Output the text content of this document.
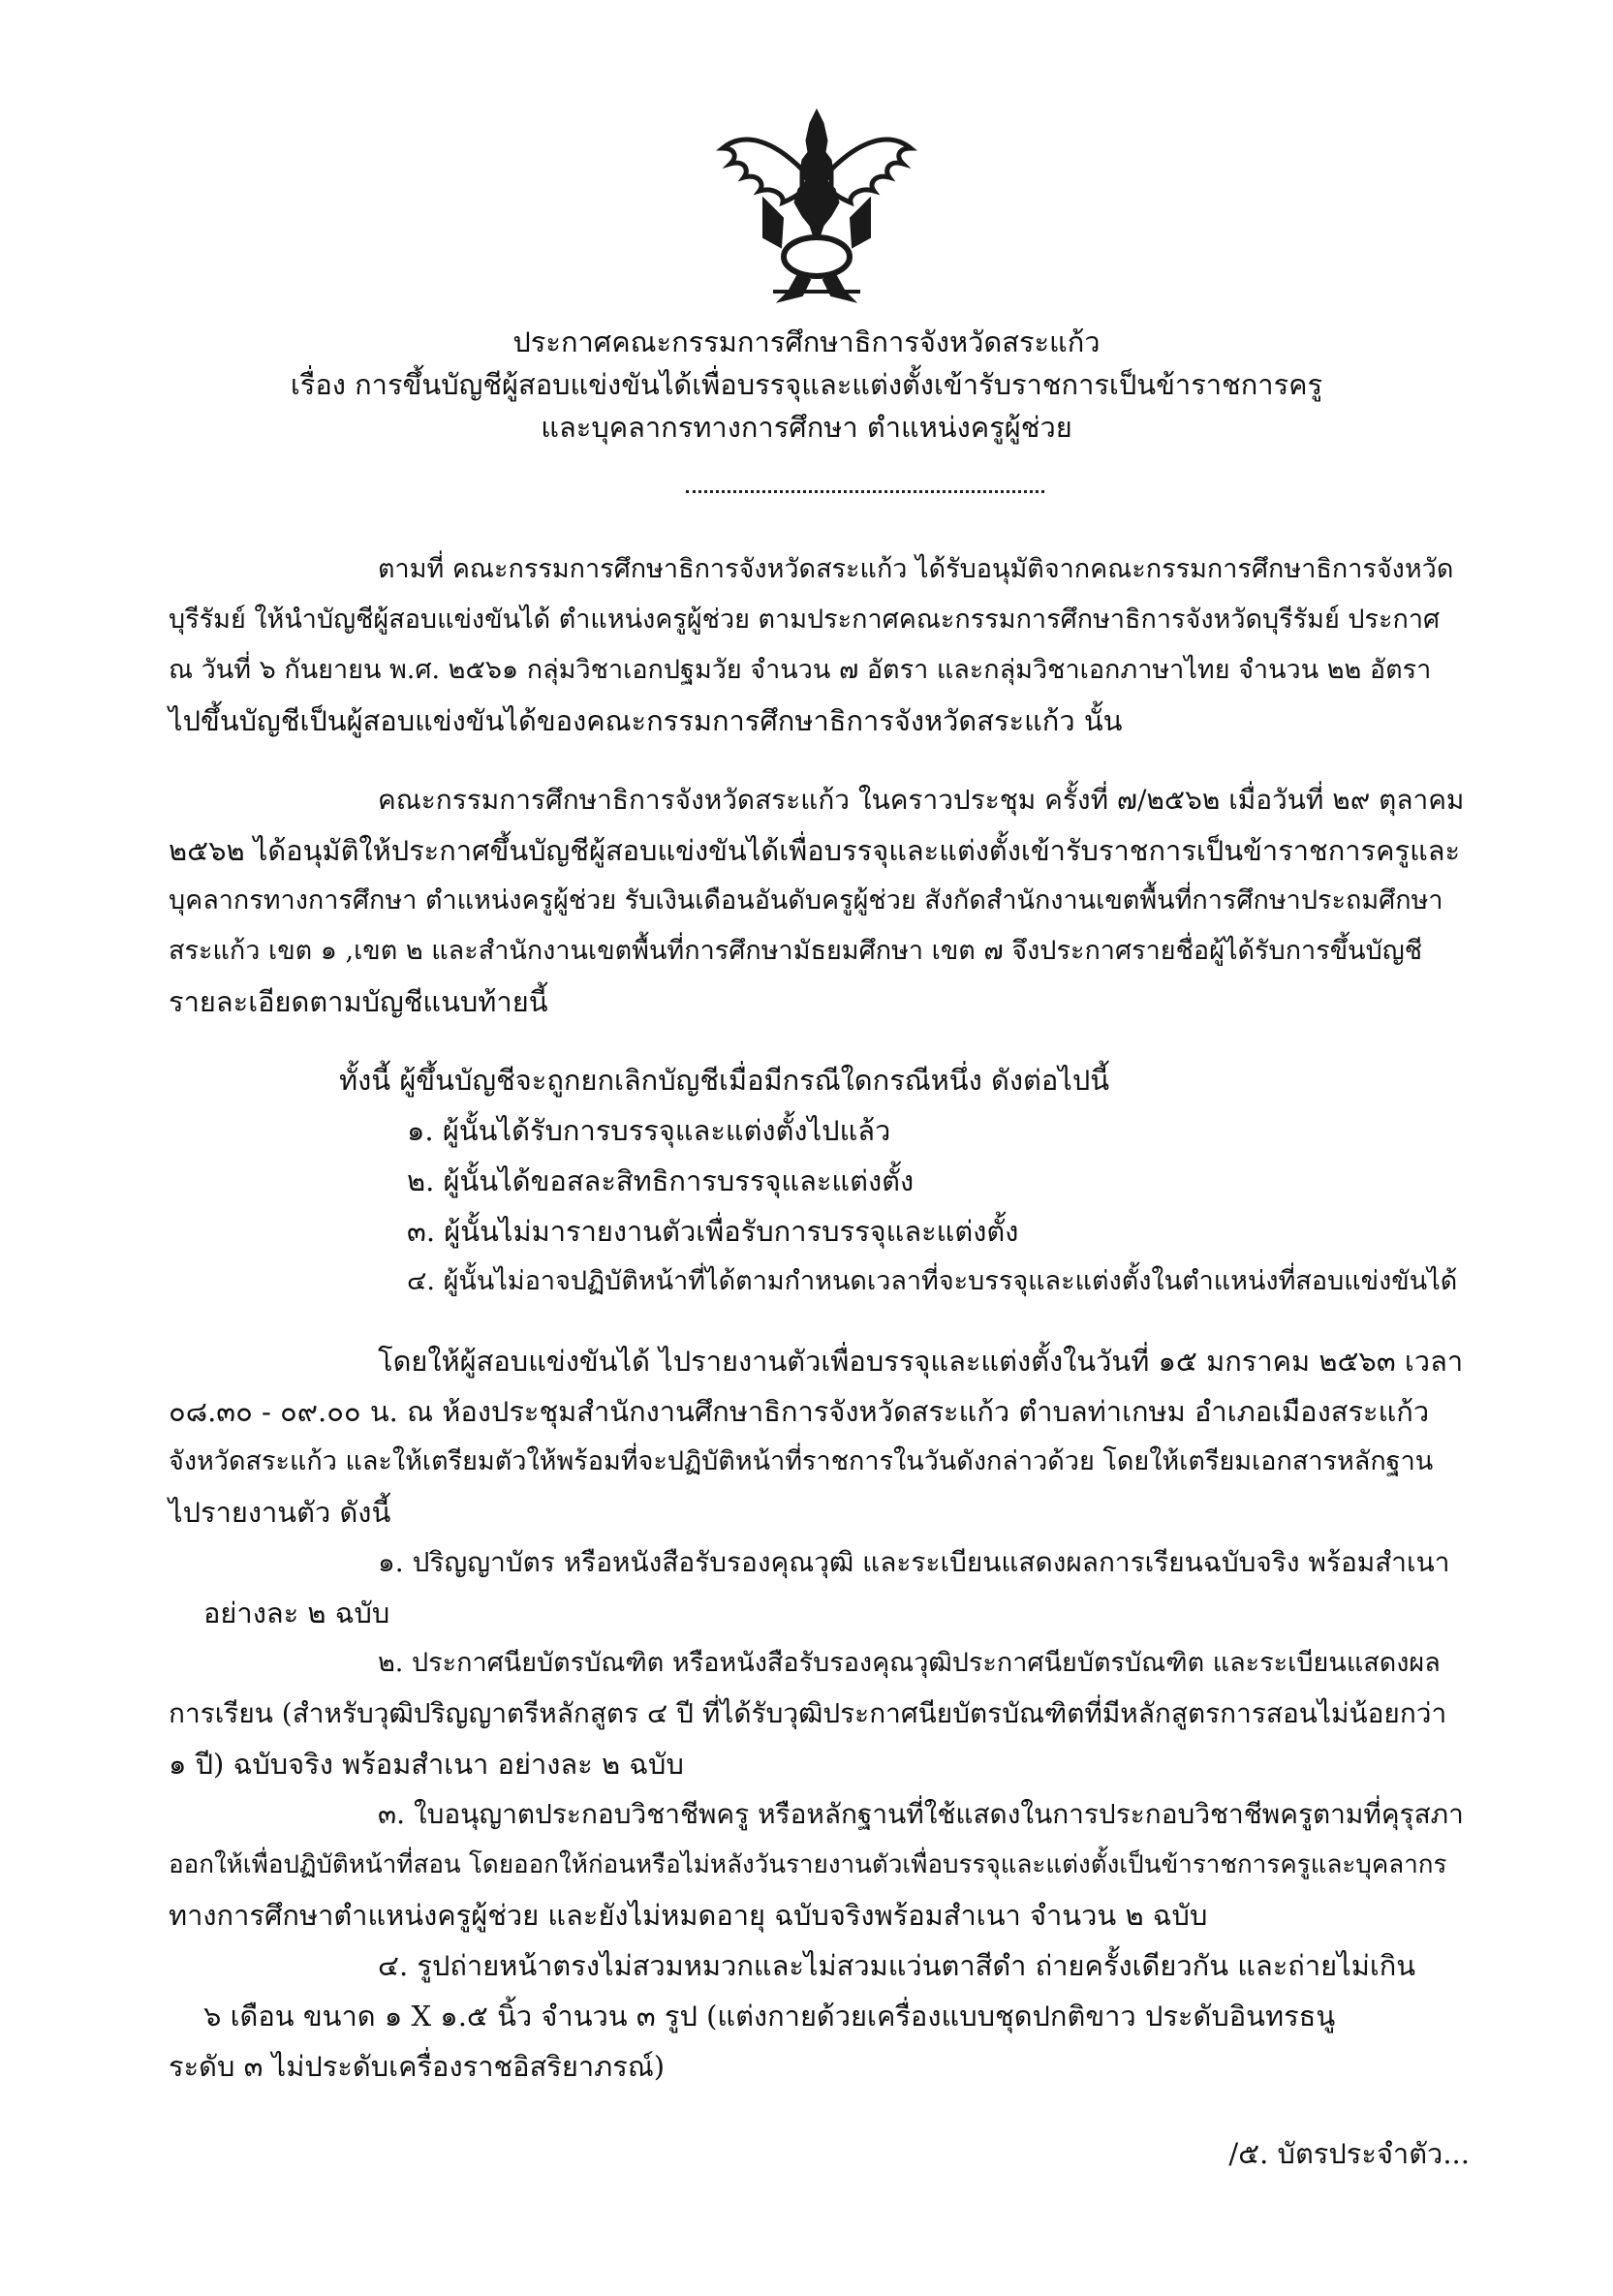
ประกาศคณะกรรมการศึกษาธิการจังหวัดสระแก้ว
เรื่อง การขึ้นบัญชีผู้สอบแข่งขันได้เพื่อบรรจุและแต่งตั้งเข้ารับราชการเป็นข้าราชการครู
และบุคลากรทางการศึกษา ตำแหน่งครูผู้ช่วย
ตามที่ คณะกรรมการศึกษาธิการจังหวัดสระแก้ว ได้รับอนุมัติจากคณะกรรมการศึกษาธิการจังหวัด
บุรีรัมย์ ให้นำบัญชีผู้สอบแข่งขันได้ ตำแหน่งครูผู้ช่วย ตามประกาศคณะกรรมการศึกษาธิการจังหวัดบุรีรัมย์ ประกาศ
ณ วันที่ ๖ กันยายน พ.ศ. ๒๕๖๑ กลุ่มวิชาเอกปฐมวัย จำนวน ๗ อัตรา และกลุ่มวิชาเอกภาษาไทย จำนวน ๒๒ อัตรา
ไปขึ้นบัญชีเป็นผู้สอบแข่งขันได้ของคณะกรรมการศึกษาธิการจังหวัดสระแก้ว นั้น
คณะกรรมการศึกษาธิการจังหวัดสระแก้ว ในคราวประชุม ครั้งที่ ๗/๒๕๖๒ เมื่อวันที่ ๒๙ ตุลาคม
๒๕๖๒ ได้อนุมัติให้ประกาศขึ้นบัญชีผู้สอบแข่งขันได้เพื่อบรรจุและแต่งตั้งเข้ารับราชการเป็นข้าราชการครูและ
บุคลากรทางการศึกษา ตำแหน่งครูผู้ช่วย รับเงินเดือนอันดับครูผู้ช่วย สังกัดสำนักงานเขตพื้นที่การศึกษาประถมศึกษา
สระแก้ว เขต ๑ ,เขต ๒ และสำนักงานเขตพื้นที่การศึกษามัธยมศึกษา เขต ๗ จึงประกาศรายชื่อผู้ได้รับการขึ้นบัญชี
รายละเอียดตามบัญชีแนบท้ายนี้
ทั้งนี้ ผู้ขึ้นบัญชีจะถูกยกเลิกบัญชีเมื่อมีกรณีใดกรณีหนึ่ง ดังต่อไปนี้
๑. ผู้นั้นได้รับการบรรจุและแต่งตั้งไปแล้ว
๒. ผู้นั้นได้ขอสละสิทธิการบรรจุและแต่งตั้ง
๓. ผู้นั้นไม่มารายงานตัวเพื่อรับการบรรจุและแต่งตั้ง
๔. ผู้นั้นไม่อาจปฏิบัติหน้าที่ได้ตามกำหนดเวลาที่จะบรรจุและแต่งตั้งในตำแหน่งที่สอบแข่งขันได้
โดยให้ผู้สอบแข่งขันได้ ไปรายงานตัวเพื่อบรรจุและแต่งตั้งในวันที่ ๑๕ มกราคม ๒๕๖๓ เวลา
๐๘.๓๐ - ๐๙.๐๐ น. ณ ห้องประชุมสำนักงานศึกษาธิการจังหวัดสระแก้ว ตำบลท่าเกษม อำเภอเมืองสระแก้ว
จังหวัดสระแก้ว และให้เตรียมตัวให้พร้อมที่จะปฏิบัติหน้าที่ราชการในวันดังกล่าวด้วย โดยให้เตรียมเอกสารหลักฐาน
ไปรายงานตัว ดังนี้
๑. ปริญญาบัตร หรือหนังสือรับรองคุณวุฒิ และระเบียนแสดงผลการเรียนฉบับจริง พร้อมสำเนา
อย่างละ ๒ ฉบับ
๒. ประกาศนียบัตรบัณฑิต หรือหนังสือรับรองคุณวุฒิประกาศนียบัตรบัณฑิต และระเบียนแสดงผล
การเรียน (สำหรับวุฒิปริญญาตรีหลักสูตร ๔ ปี ที่ได้รับวุฒิประกาศนียบัตรบัณฑิตที่มีหลักสูตรการสอนไม่น้อยกว่า
๑ ปี) ฉบับจริง พร้อมสำเนา อย่างละ ๒ ฉบับ
๓. ใบอนุญาตประกอบวิชาชีพครู หรือหลักฐานที่ใช้แสดงในการประกอบวิชาชีพครูตามที่คุรุสภา
ออกให้เพื่อปฏิบัติหน้าที่สอน โดยออกให้ก่อนหรือไม่หลังวันรายงานตัวเพื่อบรรจุและแต่งตั้งเป็นข้าราชการครูและบุคลากร
ทางการศึกษาตำแหน่งครูผู้ช่วย และยังไม่หมดอายุ ฉบับจริงพร้อมสำเนา จำนวน ๒ ฉบับ
๔. รูปถ่ายหน้าตรงไม่สวมหมวกและไม่สวมแว่นตาสีดำ ถ่ายครั้งเดียวกัน และถ่ายไม่เกิน
๖ เดือน ขนาด ๑ X ๑.๕ นิ้ว จำนวน ๓ รูป (แต่งกายด้วยเครื่องแบบชุดปกติขาว ประดับอินทรธนู
ระดับ ๓ ไม่ประดับเครื่องราชอิสริยาภรณ์)
/๕. บัตรประจำตัว...
